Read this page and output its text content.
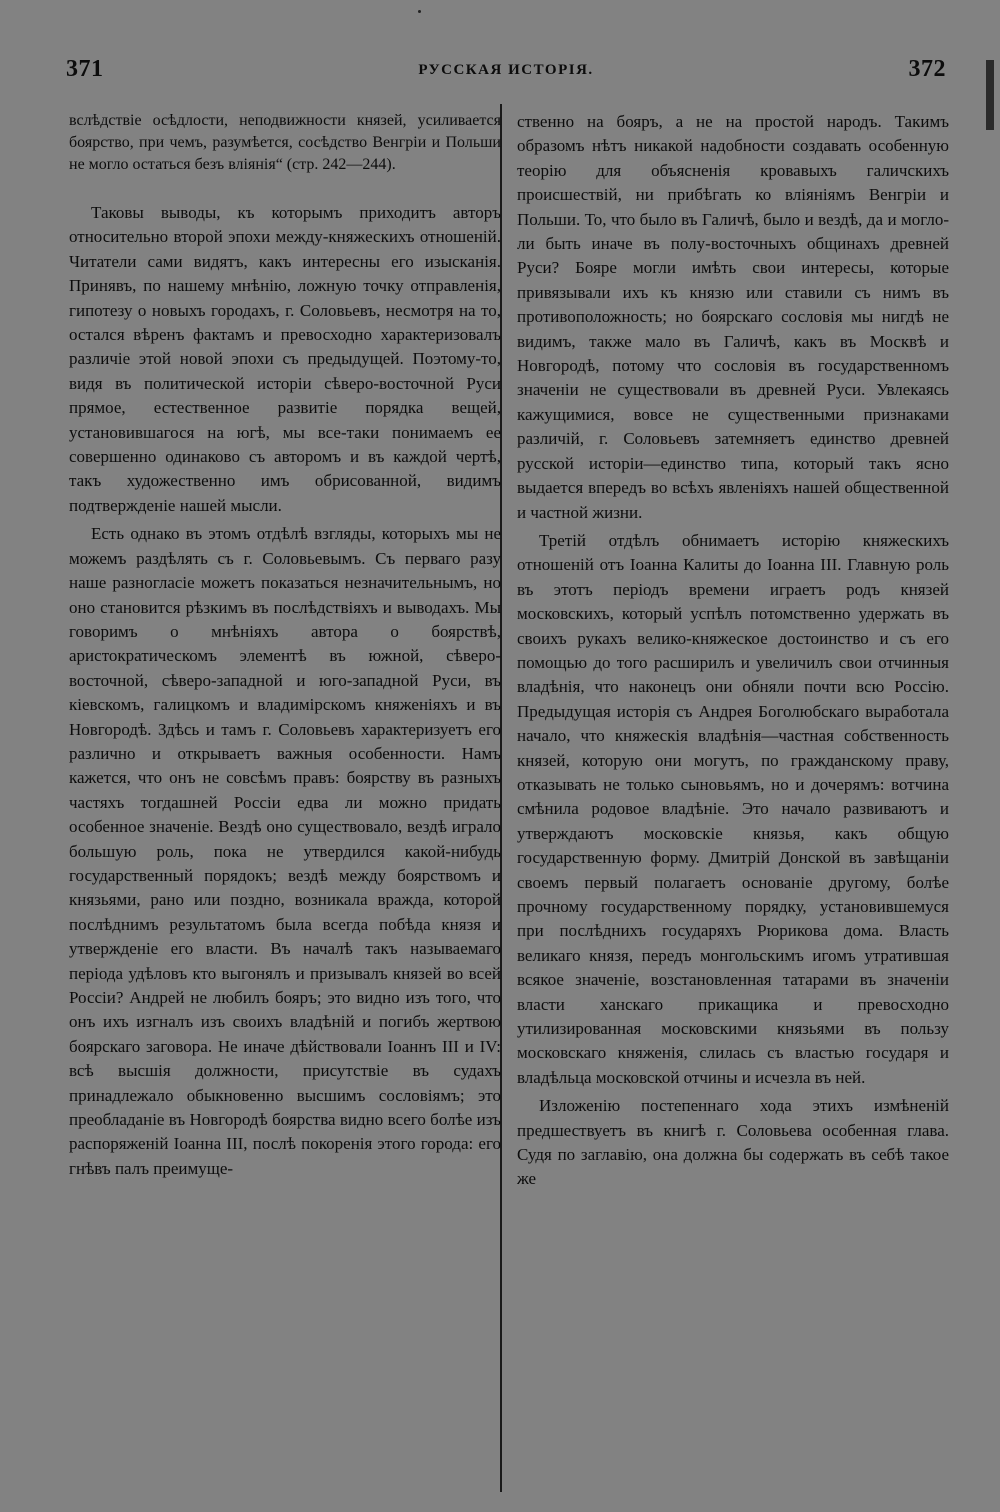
371	РУССКАЯ ИСТОРІЯ.	372

вслѣдствіе осѣдлости, неподвижности князей, усиливается боярство, при чемъ, разумѣется, сосѣдство Венгріи и Польши не могло остаться безъ вліянія“ (стр. 242—244).

Таковы выводы, къ которымъ приходитъ авторъ относительно второй эпохи между-княжескихъ отношеній. Читатели сами видятъ, какъ интересны его изысканія. Принявъ, по нашему мнѣнію, ложную точку отправленія, гипотезу о новыхъ городахъ, г. Соловьевъ, несмотря на то, остался вѣренъ фактамъ и превосходно характеризовалъ различіе этой новой эпохи съ предыдущей. Поэтому-то, видя въ политической исторіи сѣверо-восточной Руси прямое, естественное развитіе порядка вещей, установившагося на югѣ, мы все-таки понимаемъ ее совершенно одинаково съ авторомъ и въ каждой чертѣ, такъ художественно имъ обрисованной, видимъ подтвержденіе нашей мысли.

Есть однако въ этомъ отдѣлѣ взгляды, которыхъ мы не можемъ раздѣлять съ г. Соловьевымъ. Съ перваго разу наше разногласіе можетъ показаться незначительнымъ, но оно становится рѣзкимъ въ послѣдствіяхъ и выводахъ. Мы говоримъ о мнѣніяхъ автора о боярствѣ, аристократическомъ элементѣ въ южной, сѣверо-восточной, сѣверо-западной и юго-западной Руси, въ кіевскомъ, галицкомъ и владимірскомъ княженіяхъ и въ Новгородѣ. Здѣсь и тамъ г. Соловьевъ характеризуетъ его различно и открываетъ важныя особенности. Намъ кажется, что онъ не совсѣмъ правъ: боярству въ разныхъ частяхъ тогдашней Россіи едва ли можно придать особенное значеніе. Вездѣ оно существовало, вездѣ играло большую роль, пока не утвердился какой-нибудь государственный порядокъ; вездѣ между боярствомъ и князьями, рано или поздно, возникала вражда, которой послѣднимъ результатомъ была всегда побѣда князя и утвержденіе его власти. Въ началѣ такъ называемаго періода удѣловъ кто выгонялъ и призывалъ князей во всей Россіи? Андрей не любилъ бояръ; это видно изъ того, что онъ ихъ изгналъ изъ своихъ владѣній и погибъ жертвою боярскаго заговора. Не иначе дѣйствовали Іоаннъ III и IV: всѣ высшія должности, присутствіе въ судахъ принадлежало обыкновенно высшимъ сословіямъ; это преобладаніе въ Новгородѣ боярства видно всего болѣе изъ распоряженій Іоанна III, послѣ покоренія этого города: его гнѣвъ палъ преимуще-

ственно на бояръ, а не на простой народъ. Такимъ образомъ нѣтъ никакой надобности создавать особенную теорію для объясненія кровавыхъ галичскихъ происшествій, ни прибѣгать ко вліяніямъ Венгріи и Польши. То, что было въ Галичѣ, было и вездѣ, да и могло-ли быть иначе въ полу-восточныхъ общинахъ древней Руси? Бояре могли имѣть свои интересы, которые привязывали ихъ къ князю или ставили съ нимъ въ противоположность; но боярскаго сословія мы нигдѣ не видимъ, также мало въ Галичѣ, какъ въ Москвѣ и Новгородѣ, потому что сословія въ государственномъ значеніи не существовали въ древней Руси. Увлекаясь кажущимися, вовсе не существенными признаками различій, г. Соловьевъ затемняетъ единство древней русской исторіи—единство типа, который такъ ясно выдается впередъ во всѣхъ явленіяхъ нашей общественной и частной жизни.

Третій отдѣлъ обнимаетъ исторію княжескихъ отношеній отъ Іоанна Калиты до Іоанна III. Главную роль въ этотъ періодъ времени играетъ родъ князей московскихъ, который успѣлъ потомственно удержать въ своихъ рукахъ велико-княжеское достоинство и съ его помощью до того расширилъ и увеличилъ свои отчинныя владѣнія, что наконецъ они обняли почти всю Россію. Предыдущая исторія съ Андрея Боголюбскаго выработала начало, что княжескія владѣнія—частная собственность князей, которую они могутъ, по гражданскому праву, отказывать не только сыновьямъ, но и дочерямъ: вотчина смѣнила родовое владѣніе. Это начало развиваютъ и утверждаютъ московскіе князья, какъ общую государственную форму. Дмитрій Донской въ завѣщаніи своемъ первый полагаетъ основаніе другому, болѣе прочному государственному порядку, установившемуся при послѣднихъ государяхъ Рюрикова дома. Власть великаго князя, передъ монгольскимъ игомъ утратившая всякое значеніе, возстановленная татарами въ значеніи власти ханскаго прикащика и превосходно утилизированная московскими князьями въ пользу московскаго княженія, слилась съ властью государя и владѣльца московской отчины и исчезла въ ней.

Изложенію постепеннаго хода этихъ измѣненій предшествуетъ въ книгѣ г. Соловьева особенная глава. Судя по заглавію, она должна бы содержать въ себѣ такое же
